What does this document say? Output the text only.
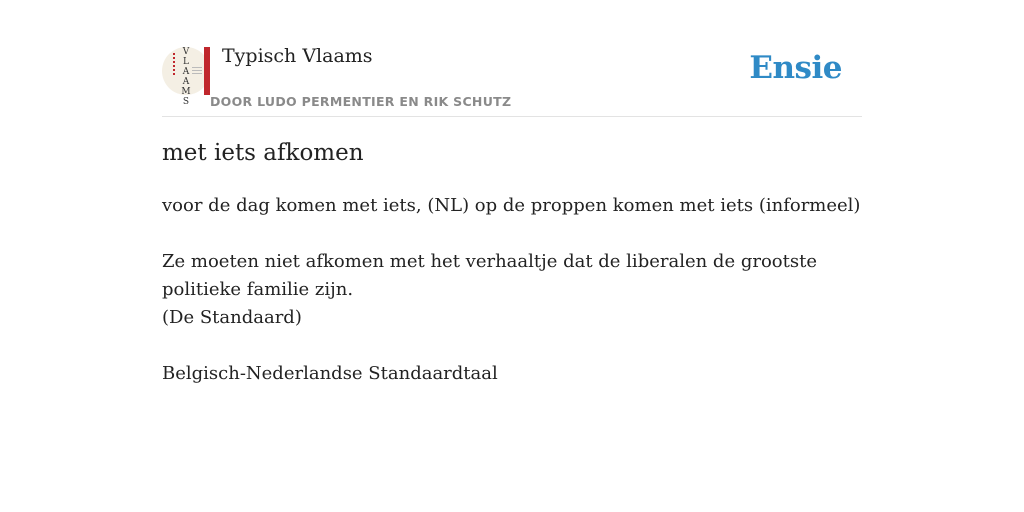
V
L
A
A
M
S
Typisch Vlaams
DOOR LUDO PERMENTIER EN RIK SCHUTZ
Ensie
met iets afkomen

voor de dag komen met iets, (NL) op de proppen komen met iets (informeel)

Ze moeten niet afkomen met het verhaaltje dat de liberalen de grootste politieke familie zijn.

(De Standaard)

Belgisch-Nederlandse Standaardtaal
